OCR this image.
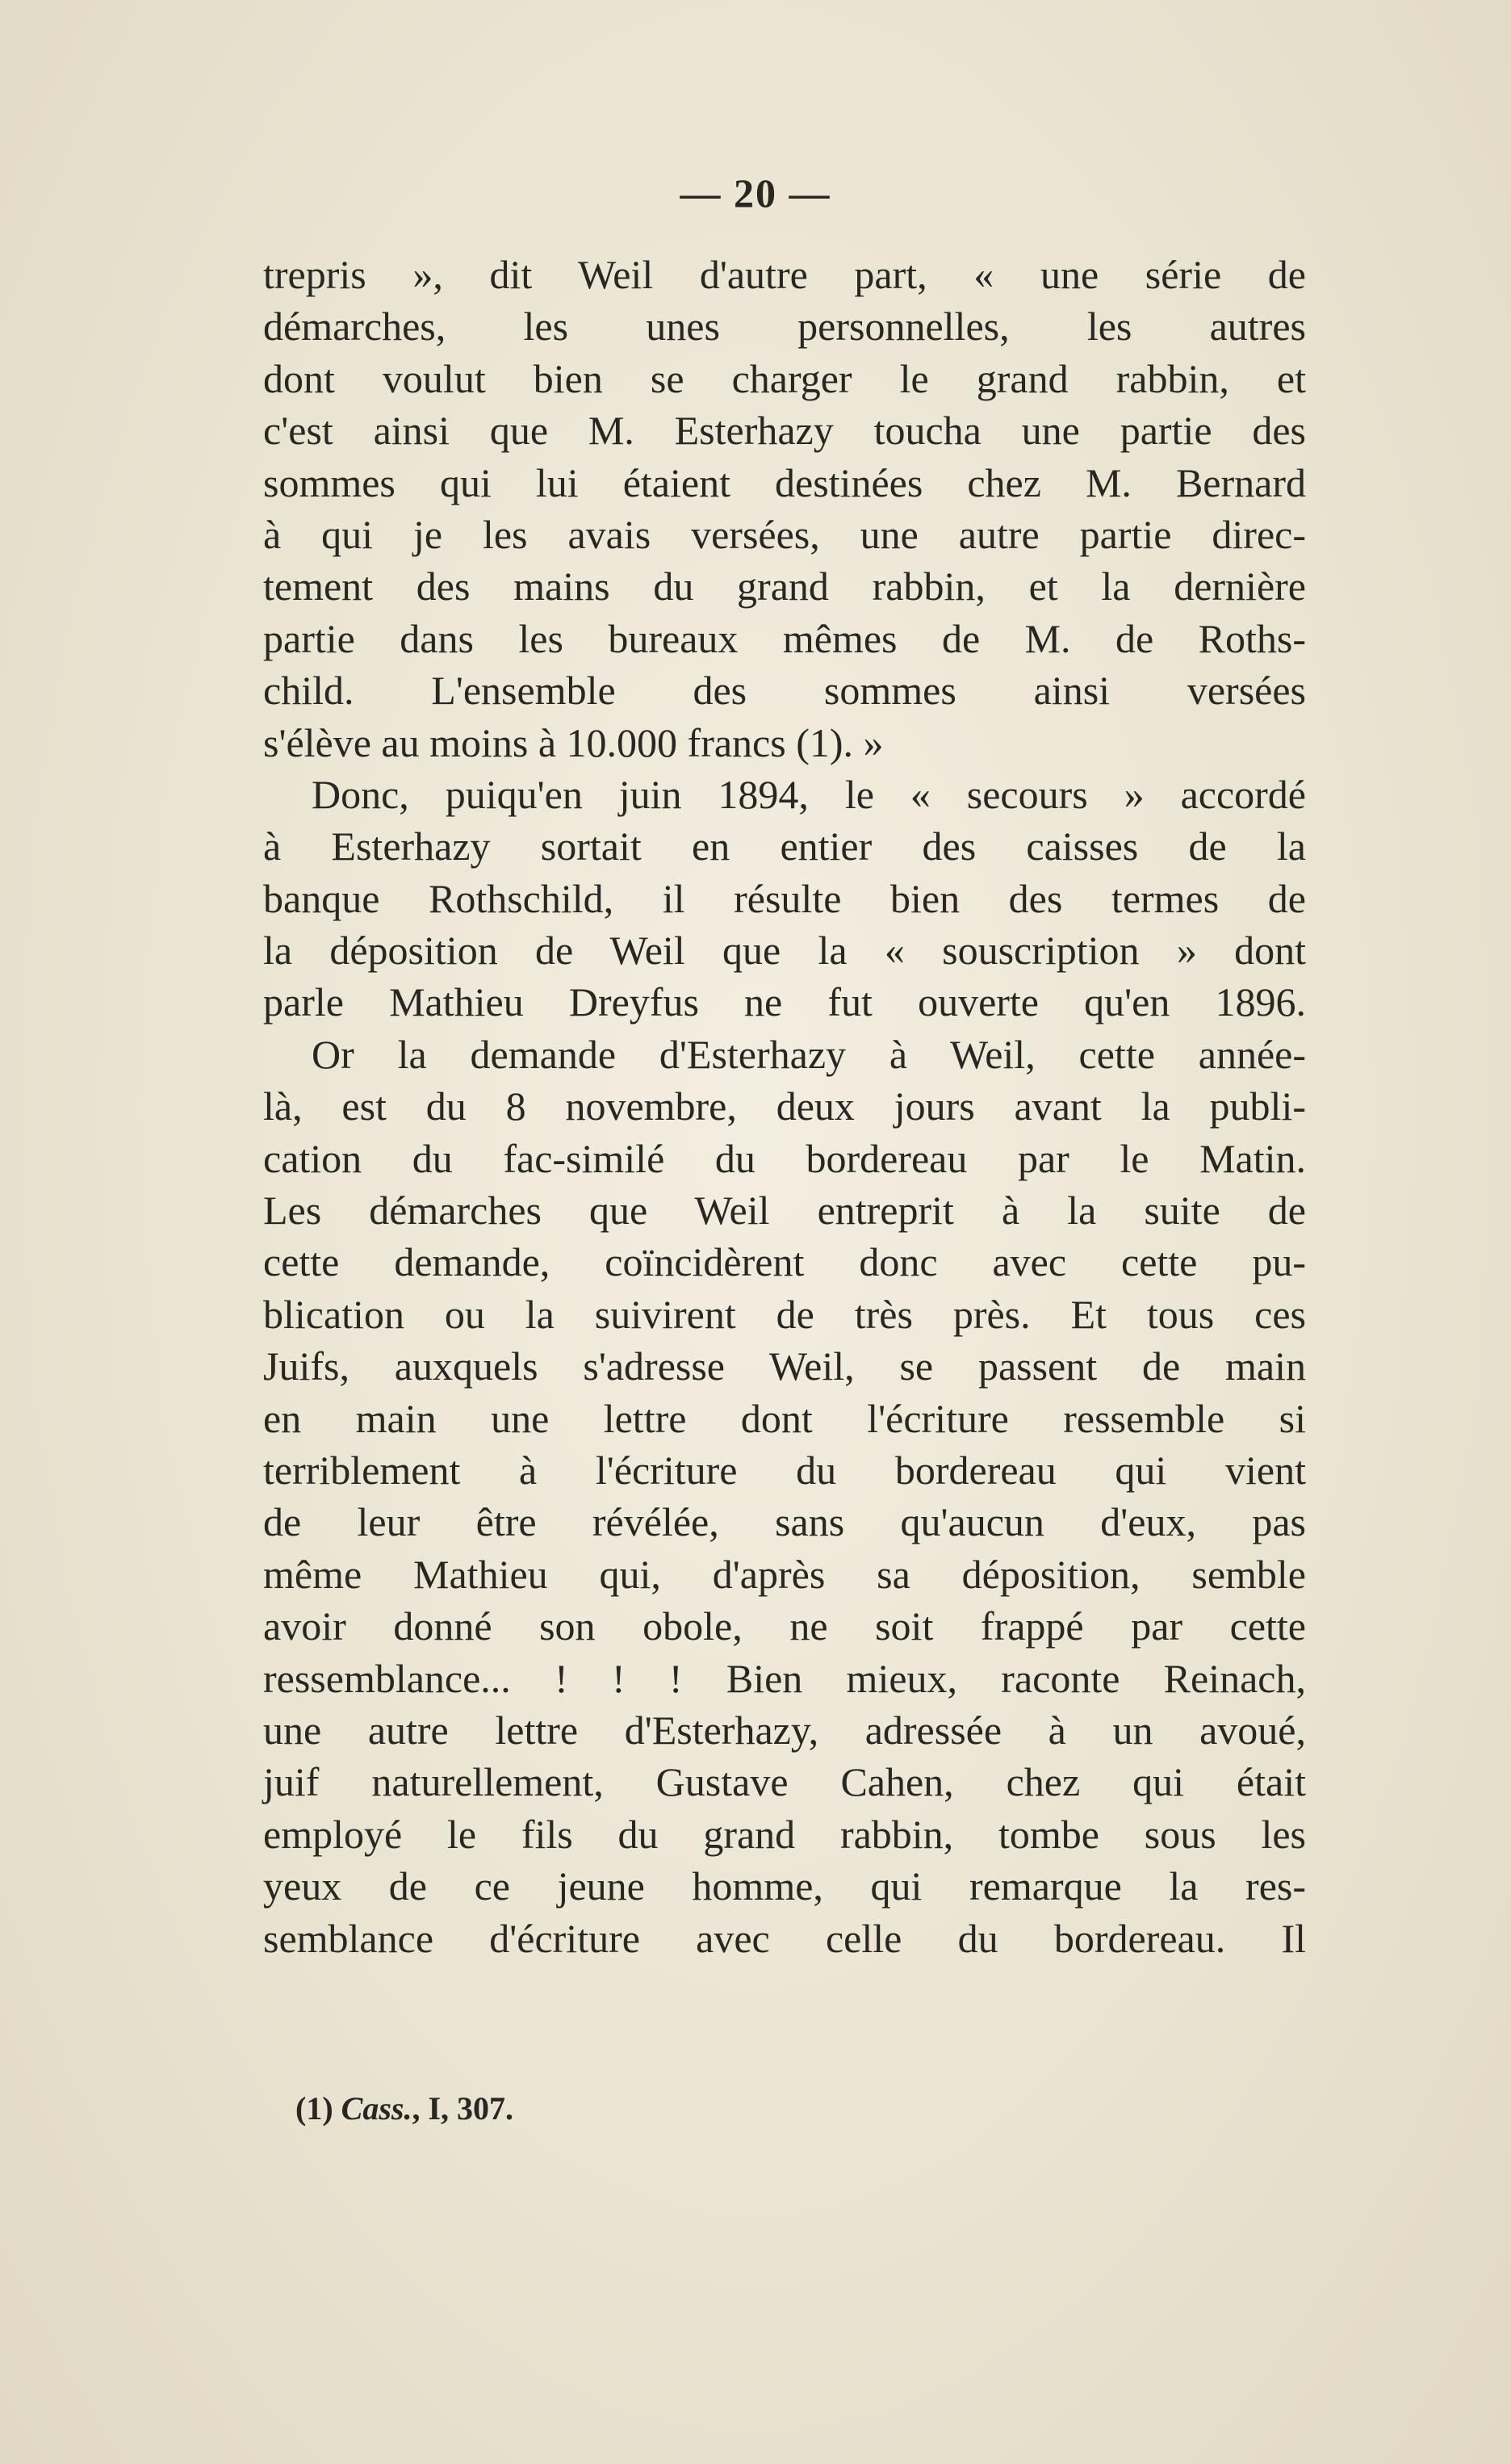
— 20 —
trepris », dit Weil d'autre part, « une série de
démarches, les unes personnelles, les autres
dont voulut bien se charger le grand rabbin, et
c'est ainsi que M. Esterhazy toucha une partie des
sommes qui lui étaient destinées chez M. Bernard
à qui je les avais versées, une autre partie direc-
tement des mains du grand rabbin, et la dernière
partie dans les bureaux mêmes de M. de Roths-
child. L'ensemble des sommes ainsi versées
s'élève au moins à 10.000 francs (1). »
Donc, puiqu'en juin 1894, le « secours » accordé
à Esterhazy sortait en entier des caisses de la
banque Rothschild, il résulte bien des termes de
la déposition de Weil que la « souscription » dont
parle Mathieu Dreyfus ne fut ouverte qu'en 1896.
Or la demande d'Esterhazy à Weil, cette année-
là, est du 8 novembre, deux jours avant la publi-
cation du fac-similé du bordereau par le Matin.
Les démarches que Weil entreprit à la suite de
cette demande, coïncidèrent donc avec cette pu-
blication ou la suivirent de très près. Et tous ces
Juifs, auxquels s'adresse Weil, se passent de main
en main une lettre dont l'écriture ressemble si
terriblement à l'écriture du bordereau qui vient
de leur être révélée, sans qu'aucun d'eux, pas
même Mathieu qui, d'après sa déposition, semble
avoir donné son obole, ne soit frappé par cette
ressemblance... ! ! ! Bien mieux, raconte Reinach,
une autre lettre d'Esterhazy, adressée à un avoué,
juif naturellement, Gustave Cahen, chez qui était
employé le fils du grand rabbin, tombe sous les
yeux de ce jeune homme, qui remarque la res-
semblance d'écriture avec celle du bordereau. Il
(1) Cass., I, 307.
